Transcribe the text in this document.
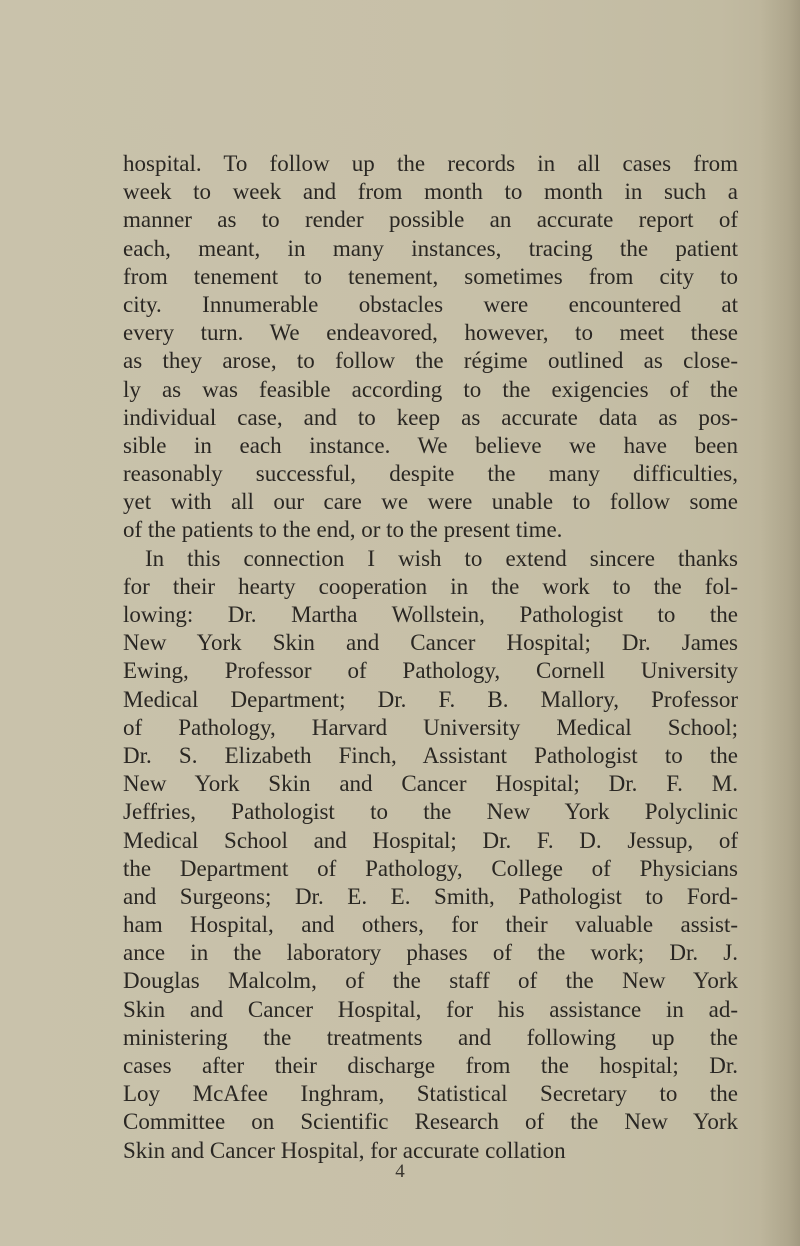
hospital. To follow up the records in all cases from
week to week and from month to month in such a
manner as to render possible an accurate report of
each, meant, in many instances, tracing the patient
from tenement to tenement, sometimes from city to
city. Innumerable obstacles were encountered at
every turn. We endeavored, however, to meet these
as they arose, to follow the régime outlined as close-
ly as was feasible according to the exigencies of the
individual case, and to keep as accurate data as pos-
sible in each instance. We believe we have been
reasonably successful, despite the many difficulties,
yet with all our care we were unable to follow some
of the patients to the end, or to the present time.
In this connection I wish to extend sincere thanks
for their hearty cooperation in the work to the fol-
lowing: Dr. Martha Wollstein, Pathologist to the
New York Skin and Cancer Hospital; Dr. James
Ewing, Professor of Pathology, Cornell University
Medical Department; Dr. F. B. Mallory, Professor
of Pathology, Harvard University Medical School;
Dr. S. Elizabeth Finch, Assistant Pathologist to the
New York Skin and Cancer Hospital; Dr. F. M.
Jeffries, Pathologist to the New York Polyclinic
Medical School and Hospital; Dr. F. D. Jessup, of
the Department of Pathology, College of Physicians
and Surgeons; Dr. E. E. Smith, Pathologist to Ford-
ham Hospital, and others, for their valuable assist-
ance in the laboratory phases of the work; Dr. J.
Douglas Malcolm, of the staff of the New York
Skin and Cancer Hospital, for his assistance in ad-
ministering the treatments and following up the
cases after their discharge from the hospital; Dr.
Loy McAfee Inghram, Statistical Secretary to the
Committee on Scientific Research of the New York
Skin and Cancer Hospital, for accurate collation
4
